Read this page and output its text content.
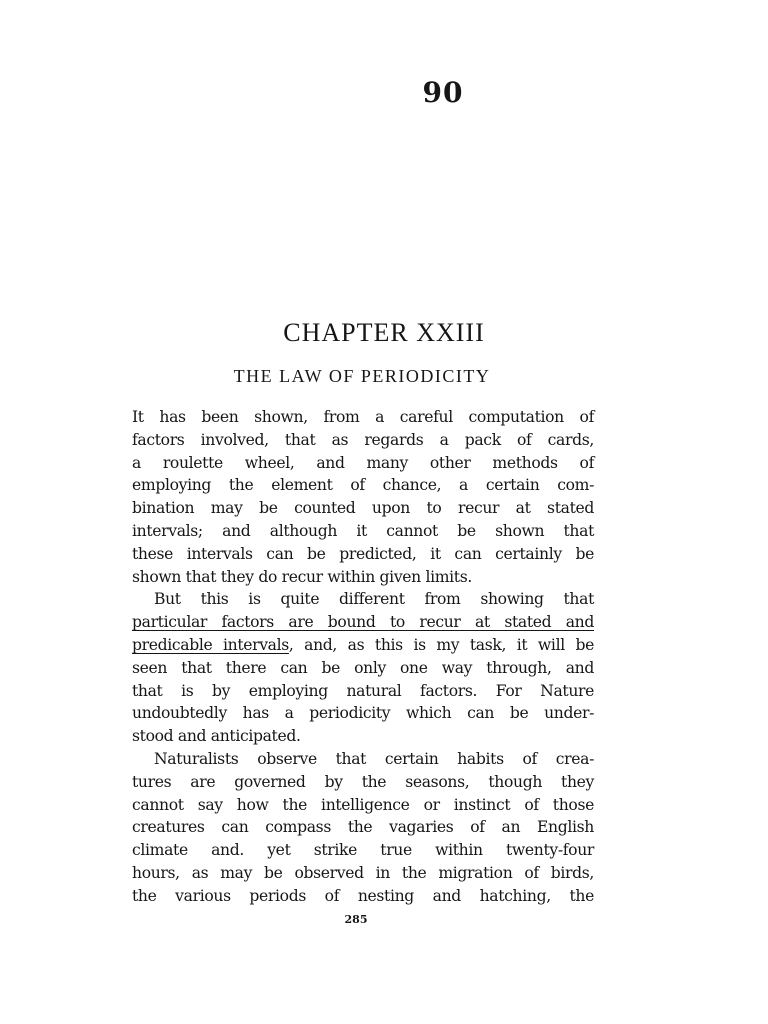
90
CHAPTER XXIII
THE LAW OF PERIODICITY
It has been shown, from a careful computation of
factors involved, that as regards a pack of cards,
a roulette wheel, and many other methods of
employing the element of chance, a certain com-
bination may be counted upon to recur at stated
intervals; and although it cannot be shown that
these intervals can be predicted, it can certainly be
shown that they do recur within given limits.
But this is quite different from showing that
particular factors are bound to recur at stated and
predicable intervals, and, as this is my task, it will be
seen that there can be only one way through, and
that is by employing natural factors. For Nature
undoubtedly has a periodicity which can be under-
stood and anticipated.
Naturalists observe that certain habits of crea-
tures are governed by the seasons, though they
cannot say how the intelligence or instinct of those
creatures can compass the vagaries of an English
climate and. yet strike true within twenty-four
hours, as may be observed in the migration of birds,
the various periods of nesting and hatching, the
285
